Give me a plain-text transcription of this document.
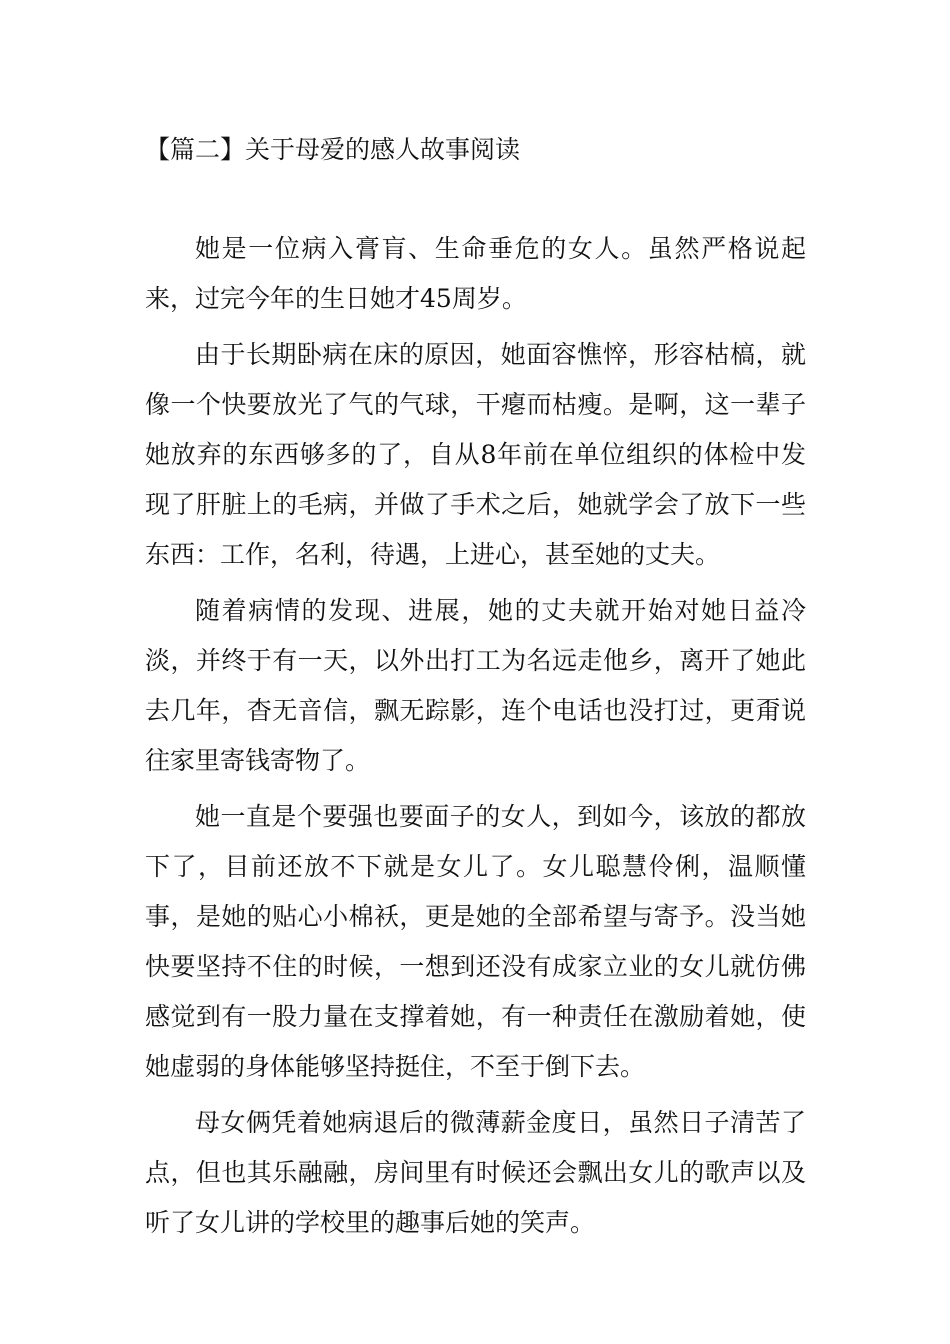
【篇二】关于母爱的感人故事阅读

她是一位病入膏肓、生命垂危的女人。虽然严格说起来，过完今年的生日她才45周岁。

由于长期卧病在床的原因，她面容憔悴，形容枯槁，就像一个快要放光了气的气球，干瘪而枯瘦。是啊，这一辈子她放弃的东西够多的了，自从8年前在单位组织的体检中发现了肝脏上的毛病，并做了手术之后，她就学会了放下一些东西：工作，名利，待遇，上进心，甚至她的丈夫。

随着病情的发现、进展，她的丈夫就开始对她日益冷淡，并终于有一天，以外出打工为名远走他乡，离开了她此去几年，杳无音信，飘无踪影，连个电话也没打过，更甭说往家里寄钱寄物了。

她一直是个要强也要面子的女人，到如今，该放的都放下了，目前还放不下就是女儿了。女儿聪慧伶俐，温顺懂事，是她的贴心小棉袄，更是她的全部希望与寄予。没当她快要坚持不住的时候，一想到还没有成家立业的女儿就仿佛感觉到有一股力量在支撑着她，有一种责任在激励着她，使她虚弱的身体能够坚持挺住，不至于倒下去。

母女俩凭着她病退后的微薄薪金度日，虽然日子清苦了点，但也其乐融融，房间里有时候还会飘出女儿的歌声以及听了女儿讲的学校里的趣事后她的笑声。
